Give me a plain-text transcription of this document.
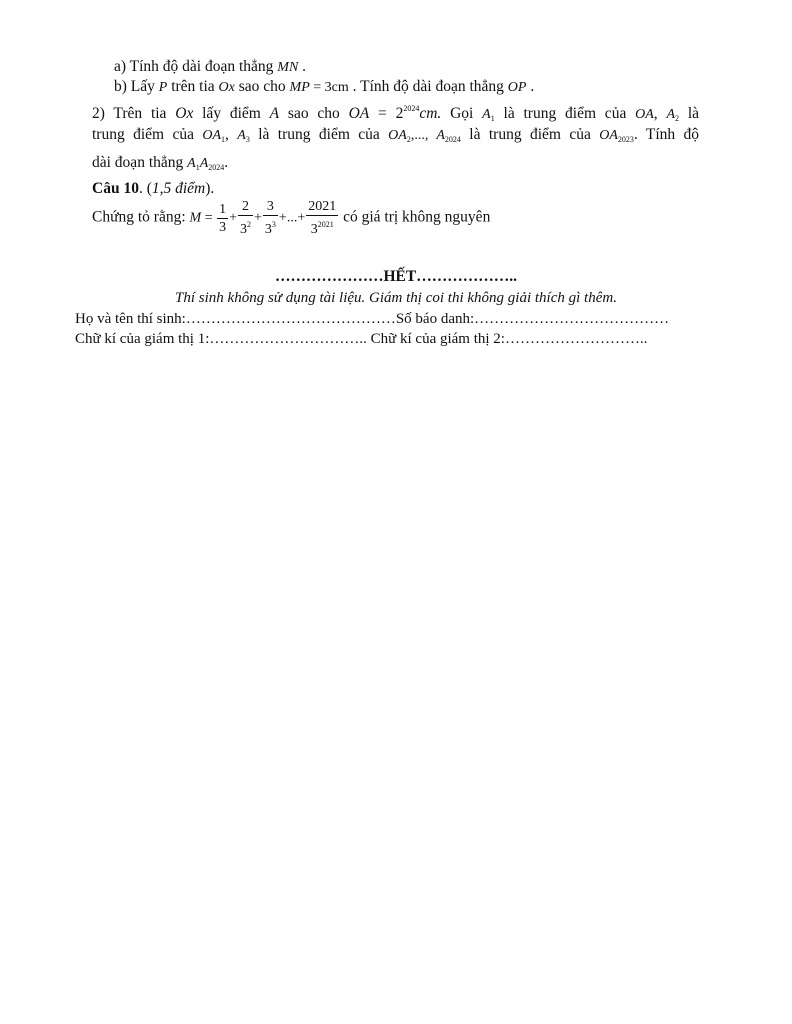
a) Tính độ dài đoạn thẳng MN .
b) Lấy P trên tia Ox sao cho MP = 3cm . Tính độ dài đoạn thẳng OP .
2) Trên tia Ox lấy điểm A sao cho OA = $2^{2024}cm$. Gọi $A_1$ là trung điểm của OA, $A_2$ là
trung điểm của $OA_1$, $A_3$ là trung điểm của $OA_2$,..., $A_{2024}$ là trung điểm của $OA_{2023}$. Tính độ
dài đoạn thẳng $A_1A_{2024}$.
Câu 10. (1,5 điểm).
Chứng tỏ rằng: $M = \frac{1}{3} + \frac{2}{3^2} + \frac{3}{3^3}$ +...+ $\frac{2021}{3^{2021}}$ có giá trị không nguyên
…………………HẾT………………..
Thí sinh không sử dụng tài liệu. Giám thị coi thi không giải thích gì thêm.
Họ và tên thí sinh:……………………………………Số báo danh:…………………………………
Chữ kí của giám thị 1:………………………….. Chữ kí của giám thị 2:………………………..
